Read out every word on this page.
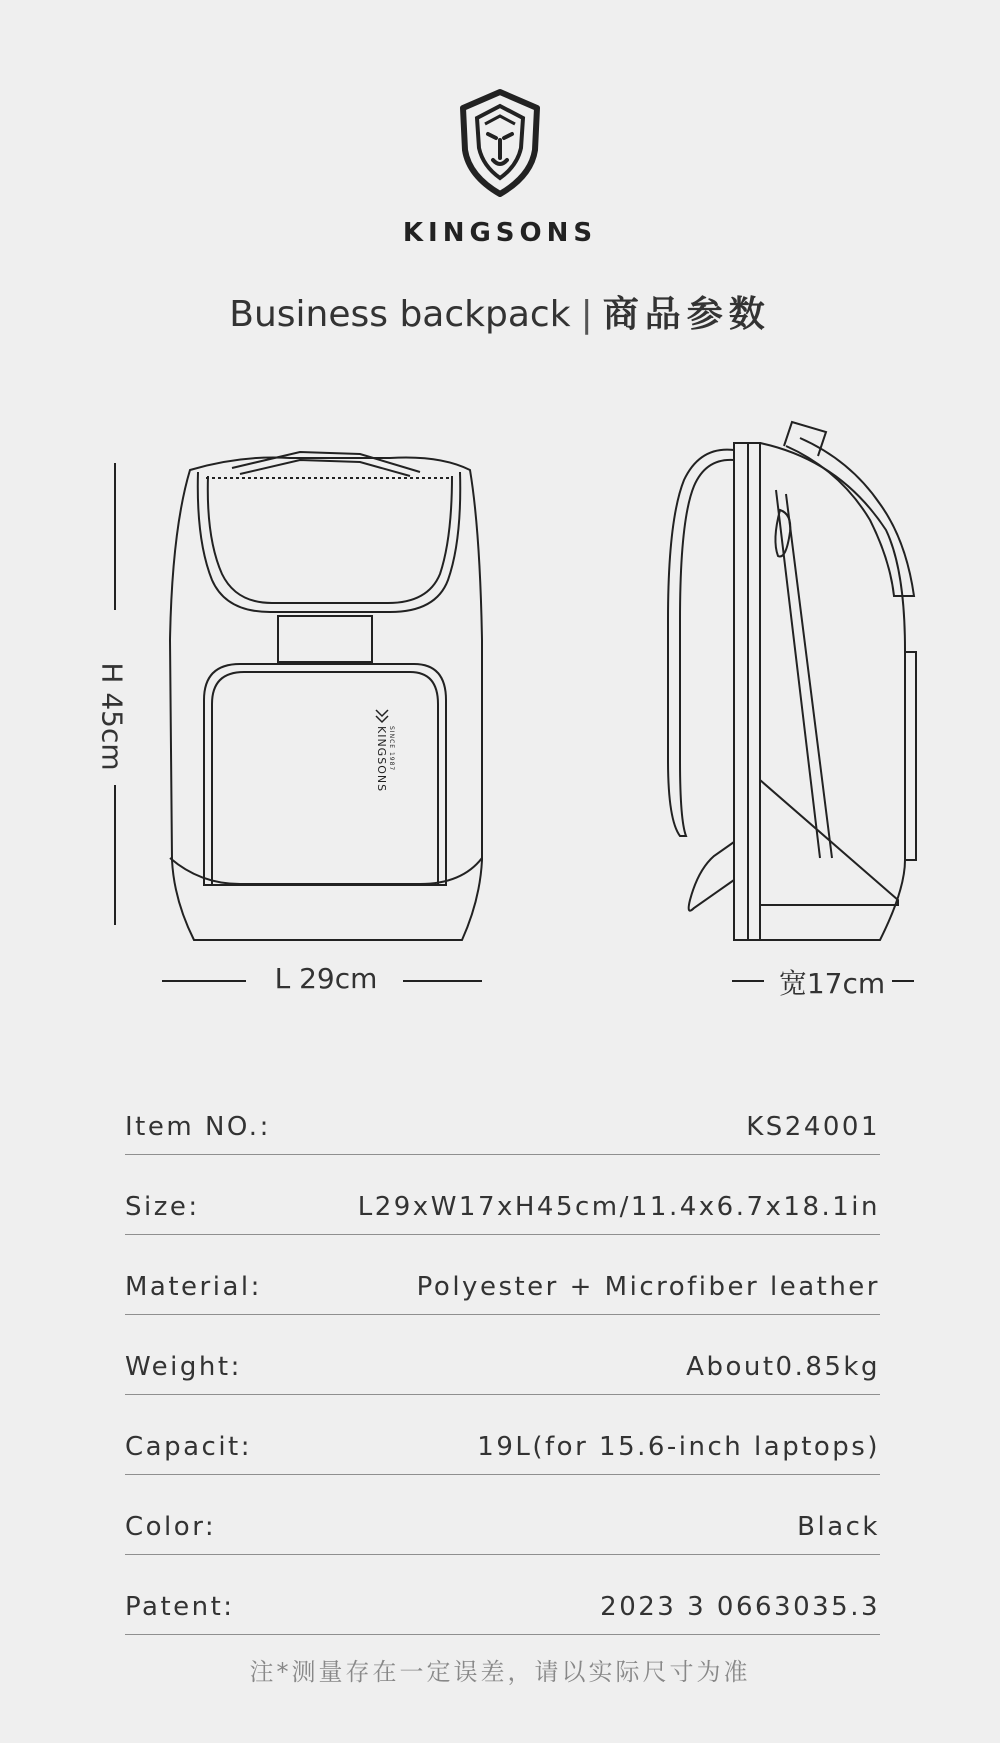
KINGSONS
Business backpack | 商品参数
KINGSONS SINCE 1987
H 45cm
L 29cm	宽17cm
Item NO.:	KS24001
Size:	L29xW17xH45cm/11.4x6.7x18.1in
Material:	Polyester + Microfiber leather
Weight:	About0.85kg
Capacit:	19L(for 15.6-inch laptops)
Color:	Black
Patent:	2023 3 0663035.3
注*测量存在一定误差，请以实际尺寸为准
